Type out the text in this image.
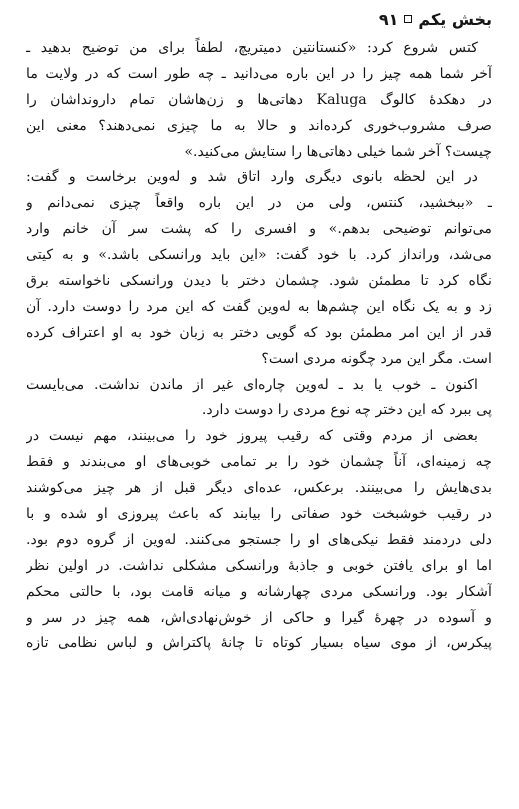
بخش یکم
۹۱

کتس شروع کرد: «کنستانتین دمیتریچ، لطفاً برای من توضیح بدهید ـ
آخر شما همه چیز را در این باره می‌دانید ـ چه طور است که در ولایت ما
در دهکدهٔ کالوگ Kaluga دهاتی‌ها و زن‌هاشان تمام دارونداشان را
صرف مشروب‌خوری کرده‌اند و حالا به ما چیزی نمی‌دهند؟ معنی این
چیست؟ آخر شما خیلی دهاتی‌ها را ستایش می‌کنید.»

در این لحظه بانوی دیگری وارد اتاق شد و له‌وین برخاست و گفت:
ـ «ببخشید، کنتس، ولی من در این باره واقعاً چیزی نمی‌دانم و
می‌توانم توضیحی بدهم.» و افسری را که پشت سر آن خانم وارد
می‌شد، ورانداز کرد. با خود گفت: «این باید ورانسکی باشد.» و به کیتی
نگاه کرد تا مطمئن شود. چشمان دختر با دیدن ورانسکی ناخواسته برق
زد و به یک نگاه این چشم‌ها به له‌وین گفت که این مرد را دوست دارد. آن
قدر از این امر مطمئن بود که گویی دختر به زبان خود به او اعتراف کرده
است. مگر این مرد چگونه مردی است؟

اکنون ـ خوب یا بد ـ له‌وین چاره‌ای غیر از ماندن نداشت. می‌بایست
پی ببرد که این دختر چه نوع مردی را دوست دارد.

بعضی از مردم وقتی که رقیب پیروز خود را می‌بینند، مهم نیست در
چه زمینه‌ای، آناً چشمان خود را بر تمامی خوبی‌های او می‌بندند و فقط
بدی‌هایش را می‌بینند. برعکس، عده‌ای دیگر قبل از هر چیز می‌کوشند
در رقیب خوشبخت خود صفاتی را بیابند که باعث پیروزی او شده و با
دلی دردمند فقط نیکی‌های او را جستجو می‌کنند. له‌وین از گروه دوم بود.
اما او برای یافتن خوبی و جاذبهٔ ورانسکی مشکلی نداشت. در اولین نظر
آشکار بود. ورانسکی مردی چهارشانه و میانه قامت بود، با حالتی محکم
و آسوده در چهرهٔ گیرا و حاکی از خوش‌نهادی‌اش، همه چیز در سر و
پیکرس، از موی سیاه بسیار کوتاه تا چانهٔ پاکتراش و لباس نظامی تازه
